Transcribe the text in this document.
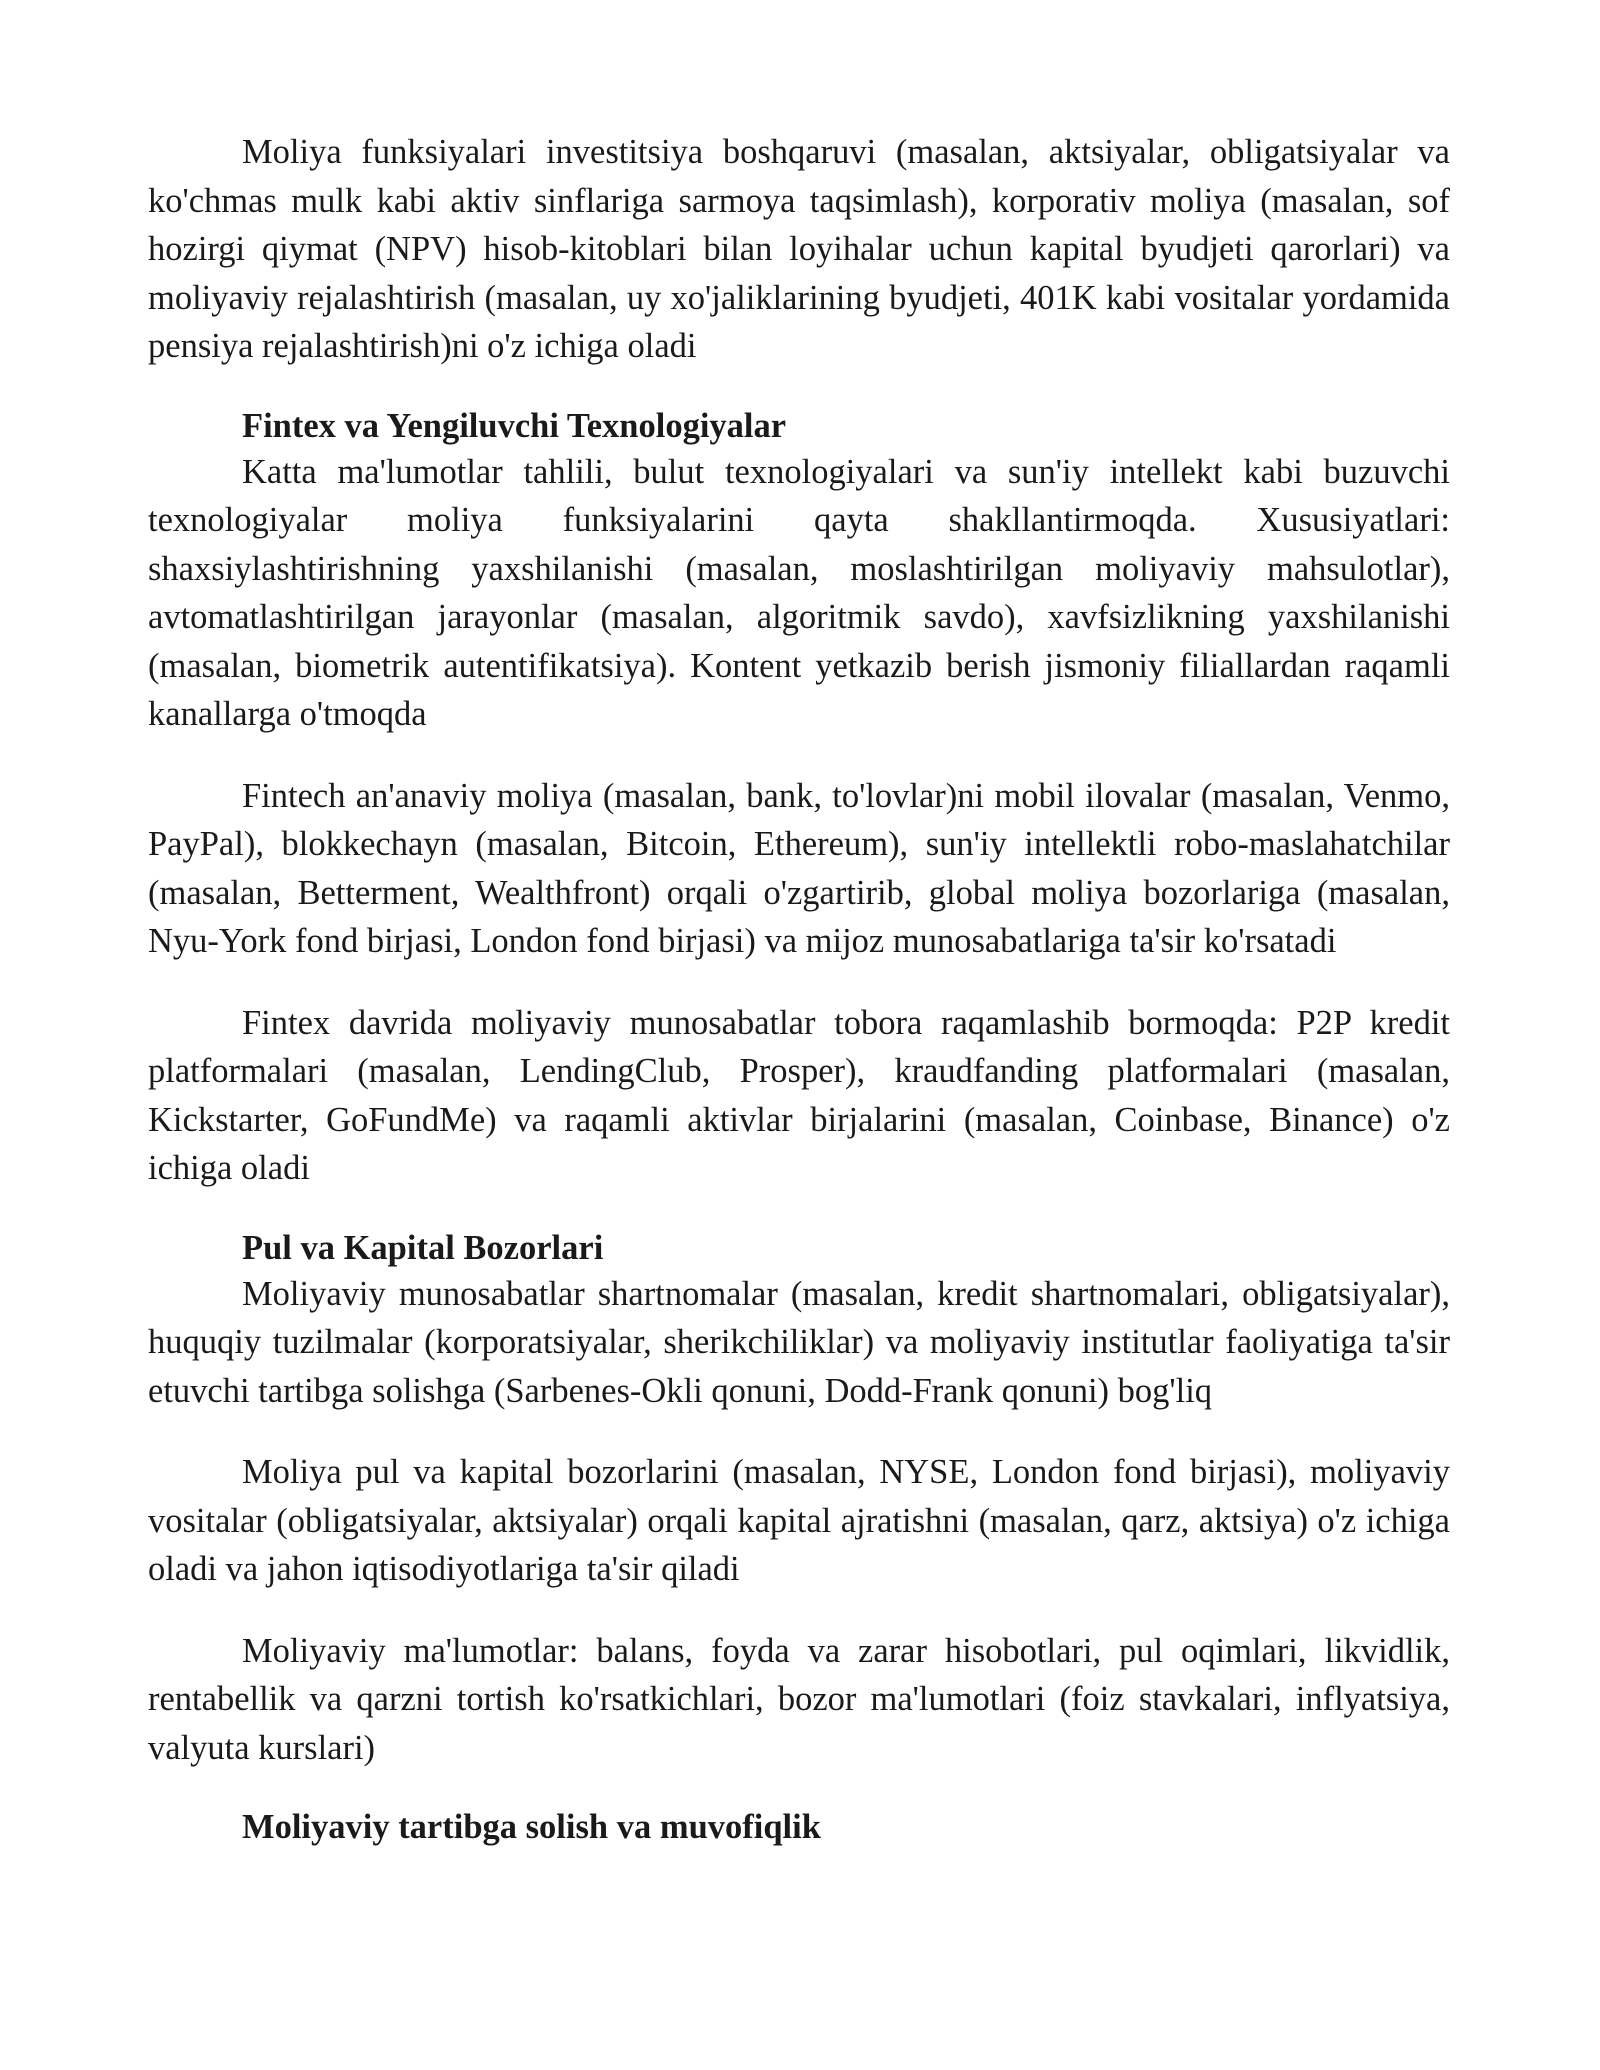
Moliya funksiyalari investitsiya boshqaruvi (masalan, aktsiyalar, obligatsiyalar va ko'chmas mulk kabi aktiv sinflariga sarmoya taqsimlash), korporativ moliya (masalan, sof hozirgi qiymat (NPV) hisob-kitoblari bilan loyihalar uchun kapital byudjeti qarorlari) va moliyaviy rejalashtirish (masalan, uy xo'jaliklarining byudjeti, 401K kabi vositalar yordamida pensiya rejalashtirish)ni o'z ichiga oladi

Fintex va Yengiluvchi Texnologiyalar

Katta ma'lumotlar tahlili, bulut texnologiyalari va sun'iy intellekt kabi buzuvchi texnologiyalar moliya funksiyalarini qayta shakllantirmoqda. Xususiyatlari: shaxsiylashtirishning yaxshilanishi (masalan, moslashtirilgan moliyaviy mahsulotlar), avtomatlashtirilgan jarayonlar (masalan, algoritmik savdo), xavfsizlikning yaxshilanishi (masalan, biometrik autentifikatsiya). Kontent yetkazib berish jismoniy filiallardan raqamli kanallarga o'tmoqda

Fintech an'anaviy moliya (masalan, bank, to'lovlar)ni mobil ilovalar (masalan, Venmo, PayPal), blokkechayn (masalan, Bitcoin, Ethereum), sun'iy intellektli robo-maslahatchilar (masalan, Betterment, Wealthfront) orqali o'zgartirib, global moliya bozorlariga (masalan, Nyu-York fond birjasi, London fond birjasi) va mijoz munosabatlariga ta'sir ko'rsatadi

Fintex davrida moliyaviy munosabatlar tobora raqamlashib bormoqda: P2P kredit platformalari (masalan, LendingClub, Prosper), kraudfanding platformalari (masalan, Kickstarter, GoFundMe) va raqamli aktivlar birjalarini (masalan, Coinbase, Binance) o'z ichiga oladi

Pul va Kapital Bozorlari

Moliyaviy munosabatlar shartnomalar (masalan, kredit shartnomalari, obligatsiyalar), huquqiy tuzilmalar (korporatsiyalar, sherikchiliklar) va moliyaviy institutlar faoliyatiga ta'sir etuvchi tartibga solishga (Sarbenes-Okli qonuni, Dodd-Frank qonuni) bog'liq

Moliya pul va kapital bozorlarini (masalan, NYSE, London fond birjasi), moliyaviy vositalar (obligatsiyalar, aktsiyalar) orqali kapital ajratishni (masalan, qarz, aktsiya) o'z ichiga oladi va jahon iqtisodiyotlariga ta'sir qiladi

Moliyaviy ma'lumotlar: balans, foyda va zarar hisobotlari, pul oqimlari, likvidlik, rentabellik va qarzni tortish ko'rsatkichlari, bozor ma'lumotlari (foiz stavkalari, inflyatsiya, valyuta kurslari)

Moliyaviy tartibga solish va muvofiqlik
